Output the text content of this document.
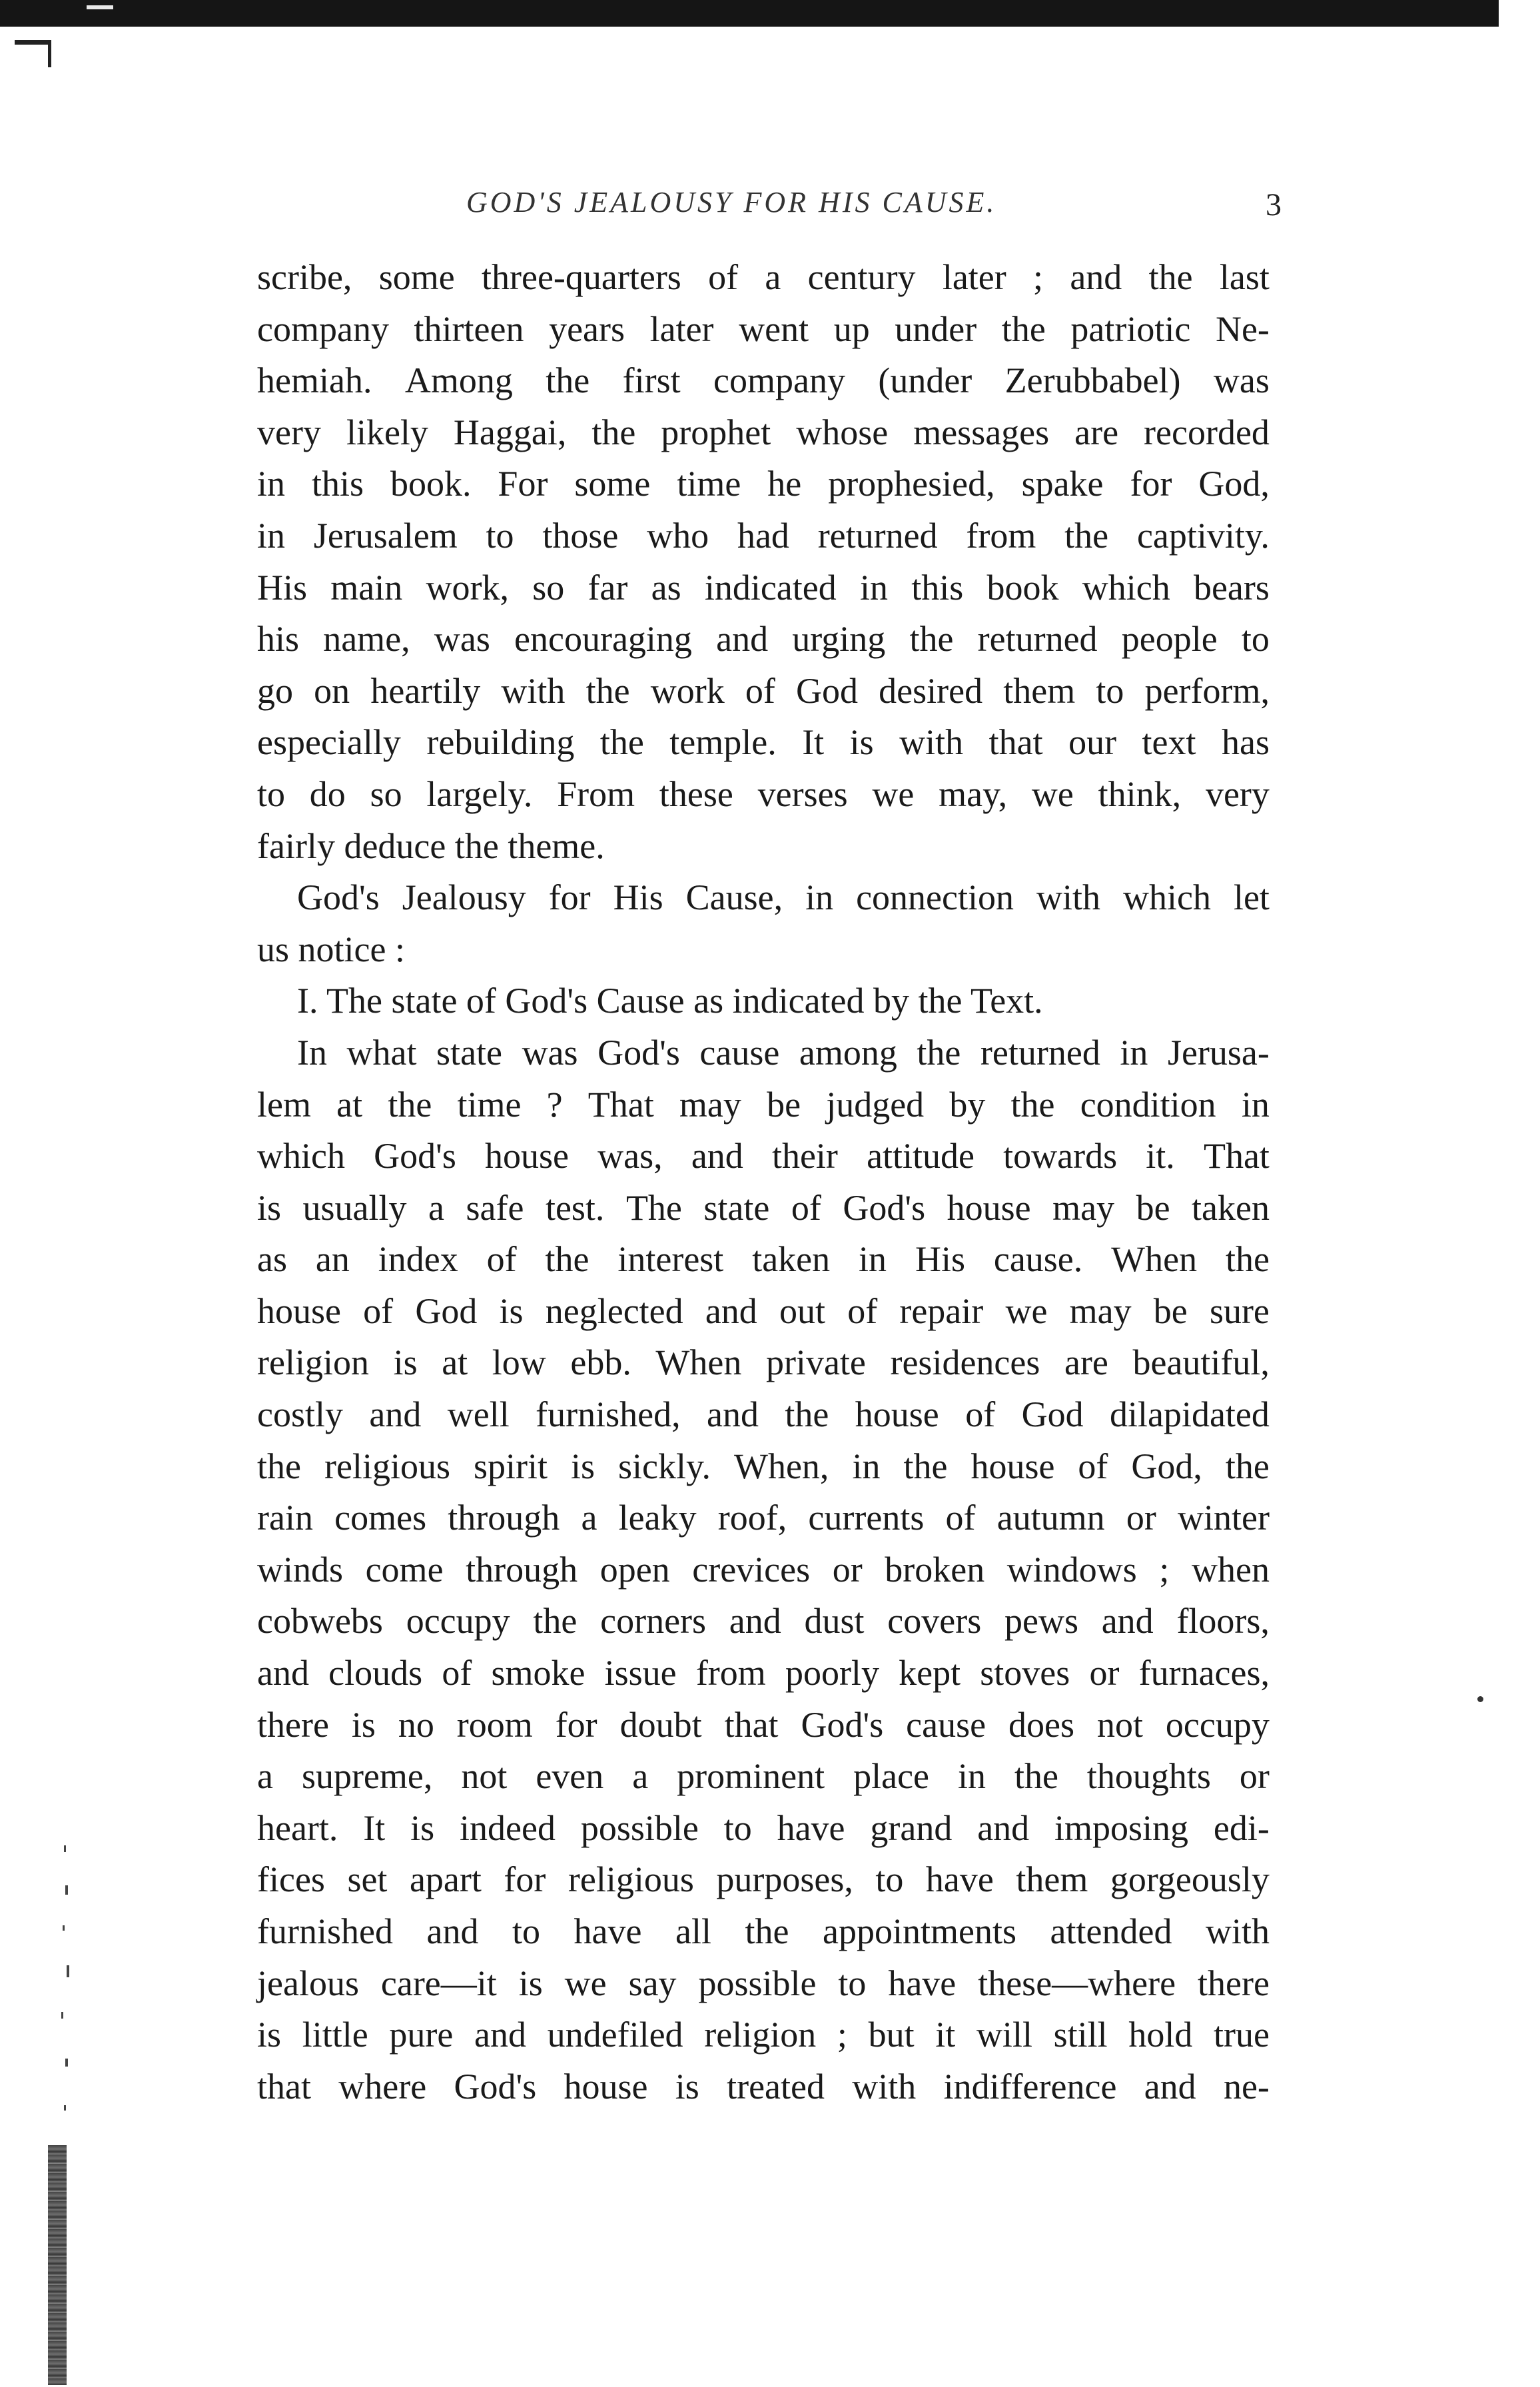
GOD'S JEALOUSY FOR HIS CAUSE.	3
scribe, some three-quarters of a century later ; and the last
company thirteen years later went up under the patriotic Ne-
hemiah. Among the first company (under Zerubbabel) was
very likely Haggai, the prophet whose messages are recorded
in this book. For some time he prophesied, spake for God,
in Jerusalem to those who had returned from the captivity.
His main work, so far as indicated in this book which bears
his name, was encouraging and urging the returned people to
go on heartily with the work of God desired them to perform,
especially rebuilding the temple. It is with that our text has
to do so largely. From these verses we may, we think, very
fairly deduce the theme.
God's Jealousy for His Cause, in connection with which let
us notice :
I. The state of God's Cause as indicated by the Text.
In what state was God's cause among the returned in Jerusa-
lem at the time ? That may be judged by the condition in
which God's house was, and their attitude towards it. That
is usually a safe test. The state of God's house may be taken
as an index of the interest taken in His cause. When the
house of God is neglected and out of repair we may be sure
religion is at low ebb. When private residences are beautiful,
costly and well furnished, and the house of God dilapidated
the religious spirit is sickly. When, in the house of God, the
rain comes through a leaky roof, currents of autumn or winter
winds come through open crevices or broken windows ; when
cobwebs occupy the corners and dust covers pews and floors,
and clouds of smoke issue from poorly kept stoves or furnaces,
there is no room for doubt that God's cause does not occupy
a supreme, not even a prominent place in the thoughts or
heart. It is indeed possible to have grand and imposing edi-
fices set apart for religious purposes, to have them gorgeously
furnished and to have all the appointments attended with
jealous care—it is we say possible to have these—where there
is little pure and undefiled religion ; but it will still hold true
that where God's house is treated with indifference and ne-
